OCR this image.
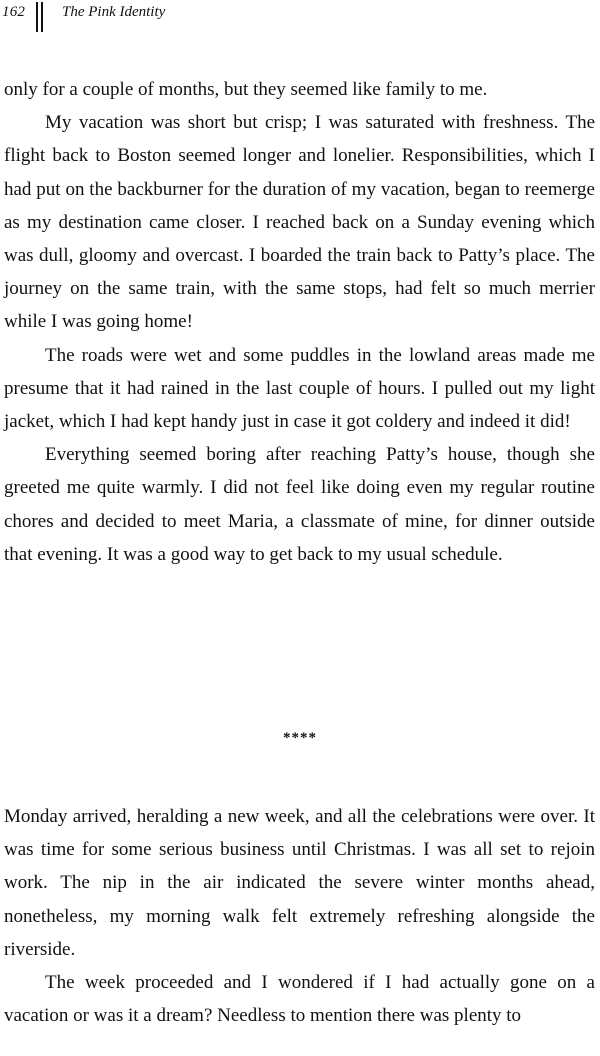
162 The Pink Identity

only for a couple of months, but they seemed like family to me.

My vacation was short but crisp; I was saturated with freshness. The flight back to Boston seemed longer and lonelier. Responsibilities, which I had put on the backburner for the duration of my vacation, began to reemerge as my destination came closer. I reached back on a Sunday evening which was dull, gloomy and overcast. I boarded the train back to Patty’s place. The journey on the same train, with the same stops, had felt so much merrier while I was going home!

The roads were wet and some puddles in the lowland areas made me presume that it had rained in the last couple of hours. I pulled out my light jacket, which I had kept handy just in case it got coldery and indeed it did!

Everything seemed boring after reaching Patty’s house, though she greeted me quite warmly. I did not feel like doing even my regular routine chores and decided to meet Maria, a classmate of mine, for dinner outside that evening. It was a good way to get back to my usual schedule.

****

Monday arrived, heralding a new week, and all the celebrations were over. It was time for some serious business until Christmas. I was all set to rejoin work. The nip in the air indicated the severe winter months ahead, nonetheless, my morning walk felt extremely refreshing alongside the riverside.

The week proceeded and I wondered if I had actually gone on a vacation or was it a dream? Needless to mention there was plenty to
